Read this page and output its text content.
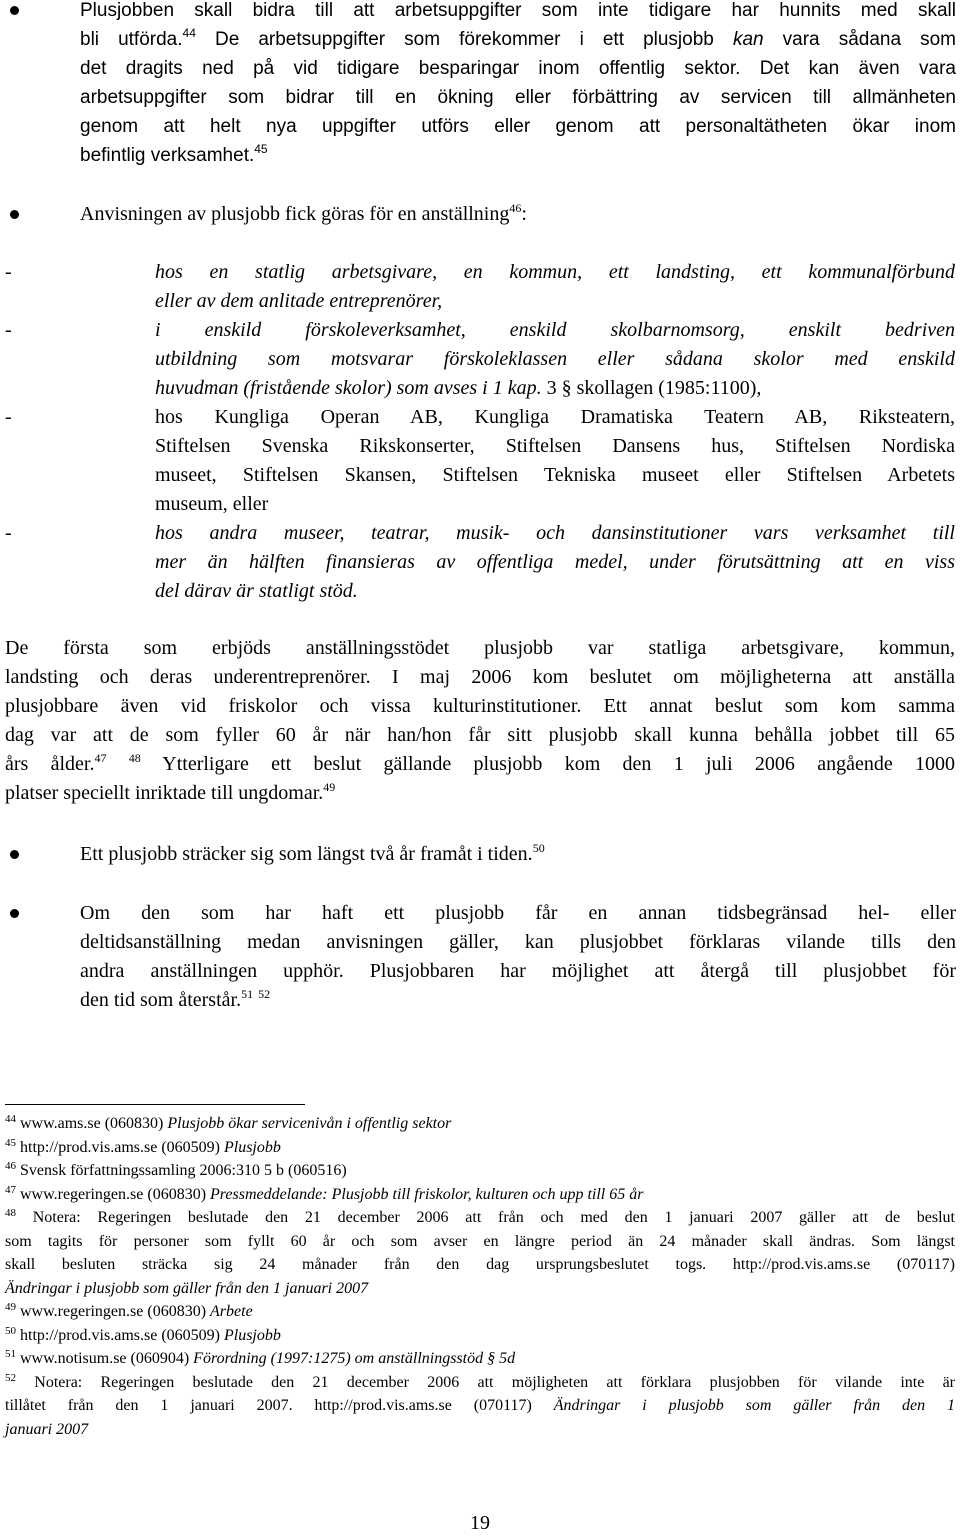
Plusjobben skall bidra till att arbetsuppgifter som inte tidigare har hunnits med skall
bli utförda.$^{44}$ De arbetsuppgifter som förekommer i ett plusjobb kan vara sådana som
det dragits ned på vid tidigare besparingar inom offentlig sektor. Det kan även vara
arbetsuppgifter som bidrar till en ökning eller förbättring av servicen till allmänheten
genom att helt nya uppgifter utförs eller genom att personaltätheten ökar inom
befintlig verksamhet.$^{45}$
Anvisningen av plusjobb fick göras för en anställning$^{46}$:
-	hos en statlig arbetsgivare, en kommun, ett landsting, ett kommunalförbund
eller av dem anlitade entreprenörer,
-	i enskild förskoleverksamhet, enskild skolbarnomsorg, enskilt bedriven
utbildning som motsvarar förskoleklassen eller sådana skolor med enskild
huvudman (fristående skolor) som avses i 1 kap. 3 § skollagen (1985:1100),
-	hos Kungliga Operan AB, Kungliga Dramatiska Teatern AB, Riksteatern,
Stiftelsen Svenska Rikskonserter, Stiftelsen Dansens hus, Stiftelsen Nordiska
museet, Stiftelsen Skansen, Stiftelsen Tekniska museet eller Stiftelsen Arbetets
museum, eller
-	hos andra museer, teatrar, musik- och dansinstitutioner vars verksamhet till
mer än hälften finansieras av offentliga medel, under förutsättning att en viss
del därav är statligt stöd.
De första som erbjöds anställningsstödet plusjobb var statliga arbetsgivare, kommun,
landsting och deras underentreprenörer. I maj 2006 kom beslutet om möjligheterna att anställa
plusjobbare även vid friskolor och vissa kulturinstitutioner. Ett annat beslut som kom samma
dag var att de som fyller 60 år när han/hon får sitt plusjobb skall kunna behålla jobbet till 65
års ålder.$^{47}$ $^{48}$ Ytterligare ett beslut gällande plusjobb kom den 1 juli 2006 angående 1000
platser speciellt inriktade till ungdomar.$^{49}$
Ett plusjobb sträcker sig som längst två år framåt i tiden.$^{50}$
Om den som har haft ett plusjobb får en annan tidsbegränsad hel- eller
deltidsanställning medan anvisningen gäller, kan plusjobbet förklaras vilande tills den
andra anställningen upphör. Plusjobbaren har möjlighet att återgå till plusjobbet för
den tid som återstår.$^{51}$ $^{52}$

$^{44}$ www.ams.se (060830) Plusjobb ökar servicenivån i offentlig sektor

$^{45}$ http://prod.vis.ams.se (060509) Plusjobb

$^{46}$ Svensk författningssamling 2006:310 5 b (060516)

$^{47}$ www.regeringen.se (060830) Pressmeddelande: Plusjobb till friskolor, kulturen och upp till 65 år

$^{48}$ Notera: Regeringen beslutade den 21 december 2006 att från och med den 1 januari 2007 gäller att de beslut
som tagits för personer som fyllt 60 år och som avser en längre period än 24 månader skall ändras. Som längst
skall besluten sträcka sig 24 månader från den dag ursprungsbeslutet togs. http://prod.vis.ams.se (070117)
Ändringar i plusjobb som gäller från den 1 januari 2007

$^{49}$ www.regeringen.se (060830) Arbete

$^{50}$ http://prod.vis.ams.se (060509) Plusjobb

$^{51}$ www.notisum.se (060904) Förordning (1997:1275) om anställningsstöd § 5d

$^{52}$ Notera: Regeringen beslutade den 21 december 2006 att möjligheten att förklara plusjobben för vilande inte är
tillåtet från den 1 januari 2007. http://prod.vis.ams.se (070117) Ändringar i plusjobb som gäller från den 1
januari 2007
19
